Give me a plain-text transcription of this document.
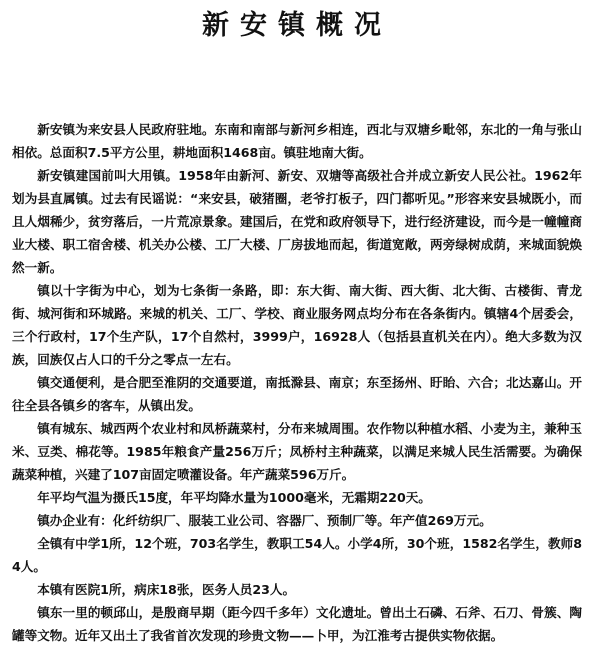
新安镇概况

新安镇为来安县人民政府驻地。东南和南部与新河乡相连，西北与双塘乡毗邻，东北的一角与张山相依。总面积7.5平方公里，耕地面积1468亩。镇驻地南大街。

新安镇建国前叫大用镇。1958年由新河、新安、双塘等高级社合并成立新安人民公社。1962年划为县直属镇。过去有民谣说：“来安县，破猪圈，老爷打板子，四门都听见。”形容来安县城既小，而且人烟稀少，贫穷落后，一片荒凉景象。建国后，在党和政府领导下，进行经济建设，而今是一幢幢商业大楼、职工宿舍楼、机关办公楼、工厂大楼、厂房拔地而起，街道宽敞，两旁绿树成荫，来城面貌焕然一新。

镇以十字街为中心，划为七条街一条路，即：东大街、南大街、西大街、北大街、古楼街、青龙街、城河街和环城路。来城的机关、工厂、学校、商业服务网点均分布在各条街内。镇辖4个居委会，三个行政村，17个生产队，17个自然村，3999户，16928人（包括县直机关在内）。绝大多数为汉族，回族仅占人口的千分之零点一左右。

镇交通便利，是合肥至淮阴的交通要道，南抵滁县、南京；东至扬州、盱眙、六合；北达嘉山。开往全县各镇乡的客车，从镇出发。

镇有城东、城西两个农业村和凤桥蔬菜村，分布来城周围。农作物以种植水稻、小麦为主，兼种玉米、豆类、棉花等。1985年粮食产量256万斤；凤桥村主种蔬菜，以满足来城人民生活需要。为确保蔬菜种植，兴建了107亩固定喷灌设备。年产蔬菜596万斤。

年平均气温为摄氏15度，年平均降水量为1000毫米，无霜期220天。

镇办企业有：化纤纺织厂、服装工业公司、容器厂、预制厂等。年产值269万元。

全镇有中学1所，12个班，703名学生，教职工54人。小学4所，30个班，1582名学生，教师84人。

本镇有医院1所，病床18张，医务人员23人。

镇东一里的顿邱山，是殷商早期（距今四千多年）文化遗址。曾出土石磷、石斧、石刀、骨簇、陶罐等文物。近年又出土了我省首次发现的珍贵文物——卜甲，为江淮考古提供实物依据。
